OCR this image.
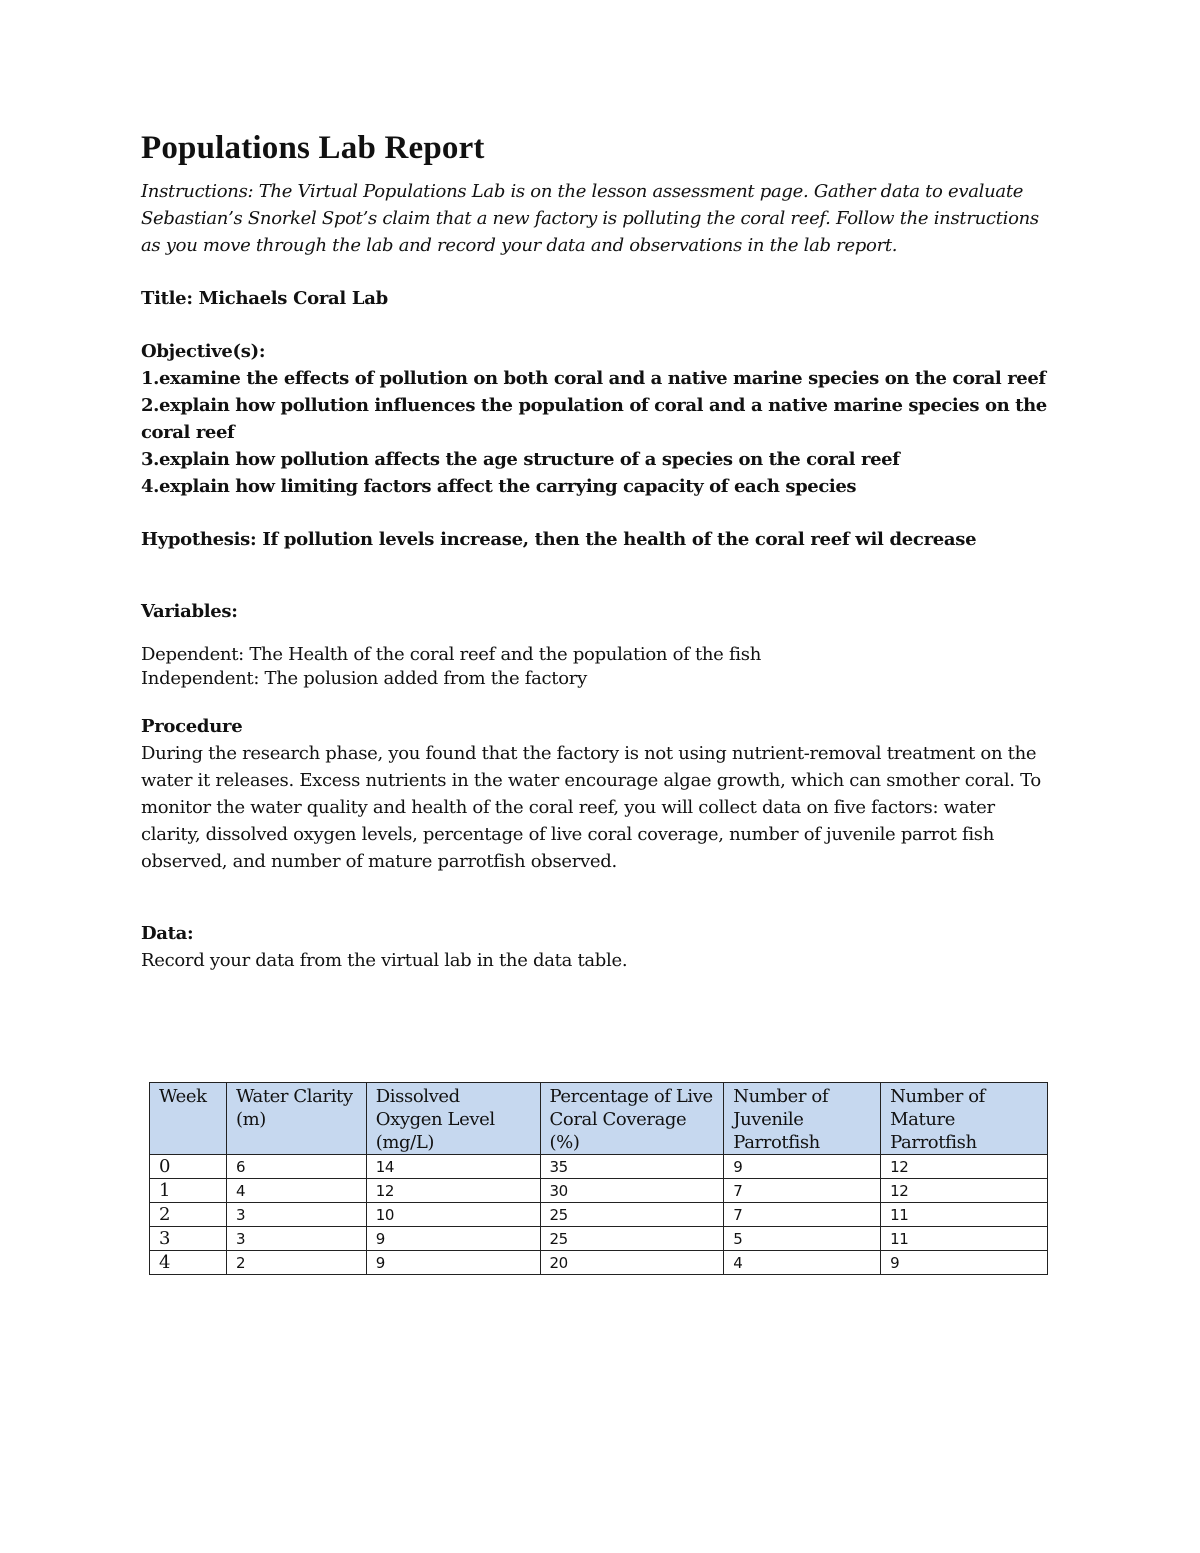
Populations Lab Report

Instructions: The Virtual Populations Lab is on the lesson assessment page. Gather data to evaluate Sebastian’s Snorkel Spot’s claim that a new factory is polluting the coral reef. Follow the instructions as you move through the lab and record your data and observations in the lab report.

Title: Michaels Coral Lab

Objective(s):

1.examine the effects of pollution on both coral and a native marine species on the coral reef
2.explain how pollution influences the population of coral and a native marine species on the coral reef
3.explain how pollution affects the age structure of a species on the coral reef
4.explain how limiting factors affect the carrying capacity of each species

Hypothesis: If pollution levels increase, then the health of the coral reef wil decrease

Variables:

Dependent: The Health of the coral reef and the population of the fish

Independent: The polusion added from the factory

Procedure

During the research phase, you found that the factory is not using nutrient-removal treatment on the water it releases. Excess nutrients in the water encourage algae growth, which can smother coral. To monitor the water quality and health of the coral reef, you will collect data on five factors: water clarity, dissolved oxygen levels, percentage of live coral coverage, number of juvenile parrot fish observed, and number of mature parrotfish observed.

Data:

Record your data from the virtual lab in the data table.

Week	Water Clarity (m)	Dissolved Oxygen Level (mg/L)	Percentage of Live Coral Coverage (%)	Number of Juvenile Parrotfish	Number of Mature Parrotfish
0	6	14	35	9	12
1	4	12	30	7	12
2	3	10	25	7	11
3	3	9	25	5	11
4	2	9	20	4	9
